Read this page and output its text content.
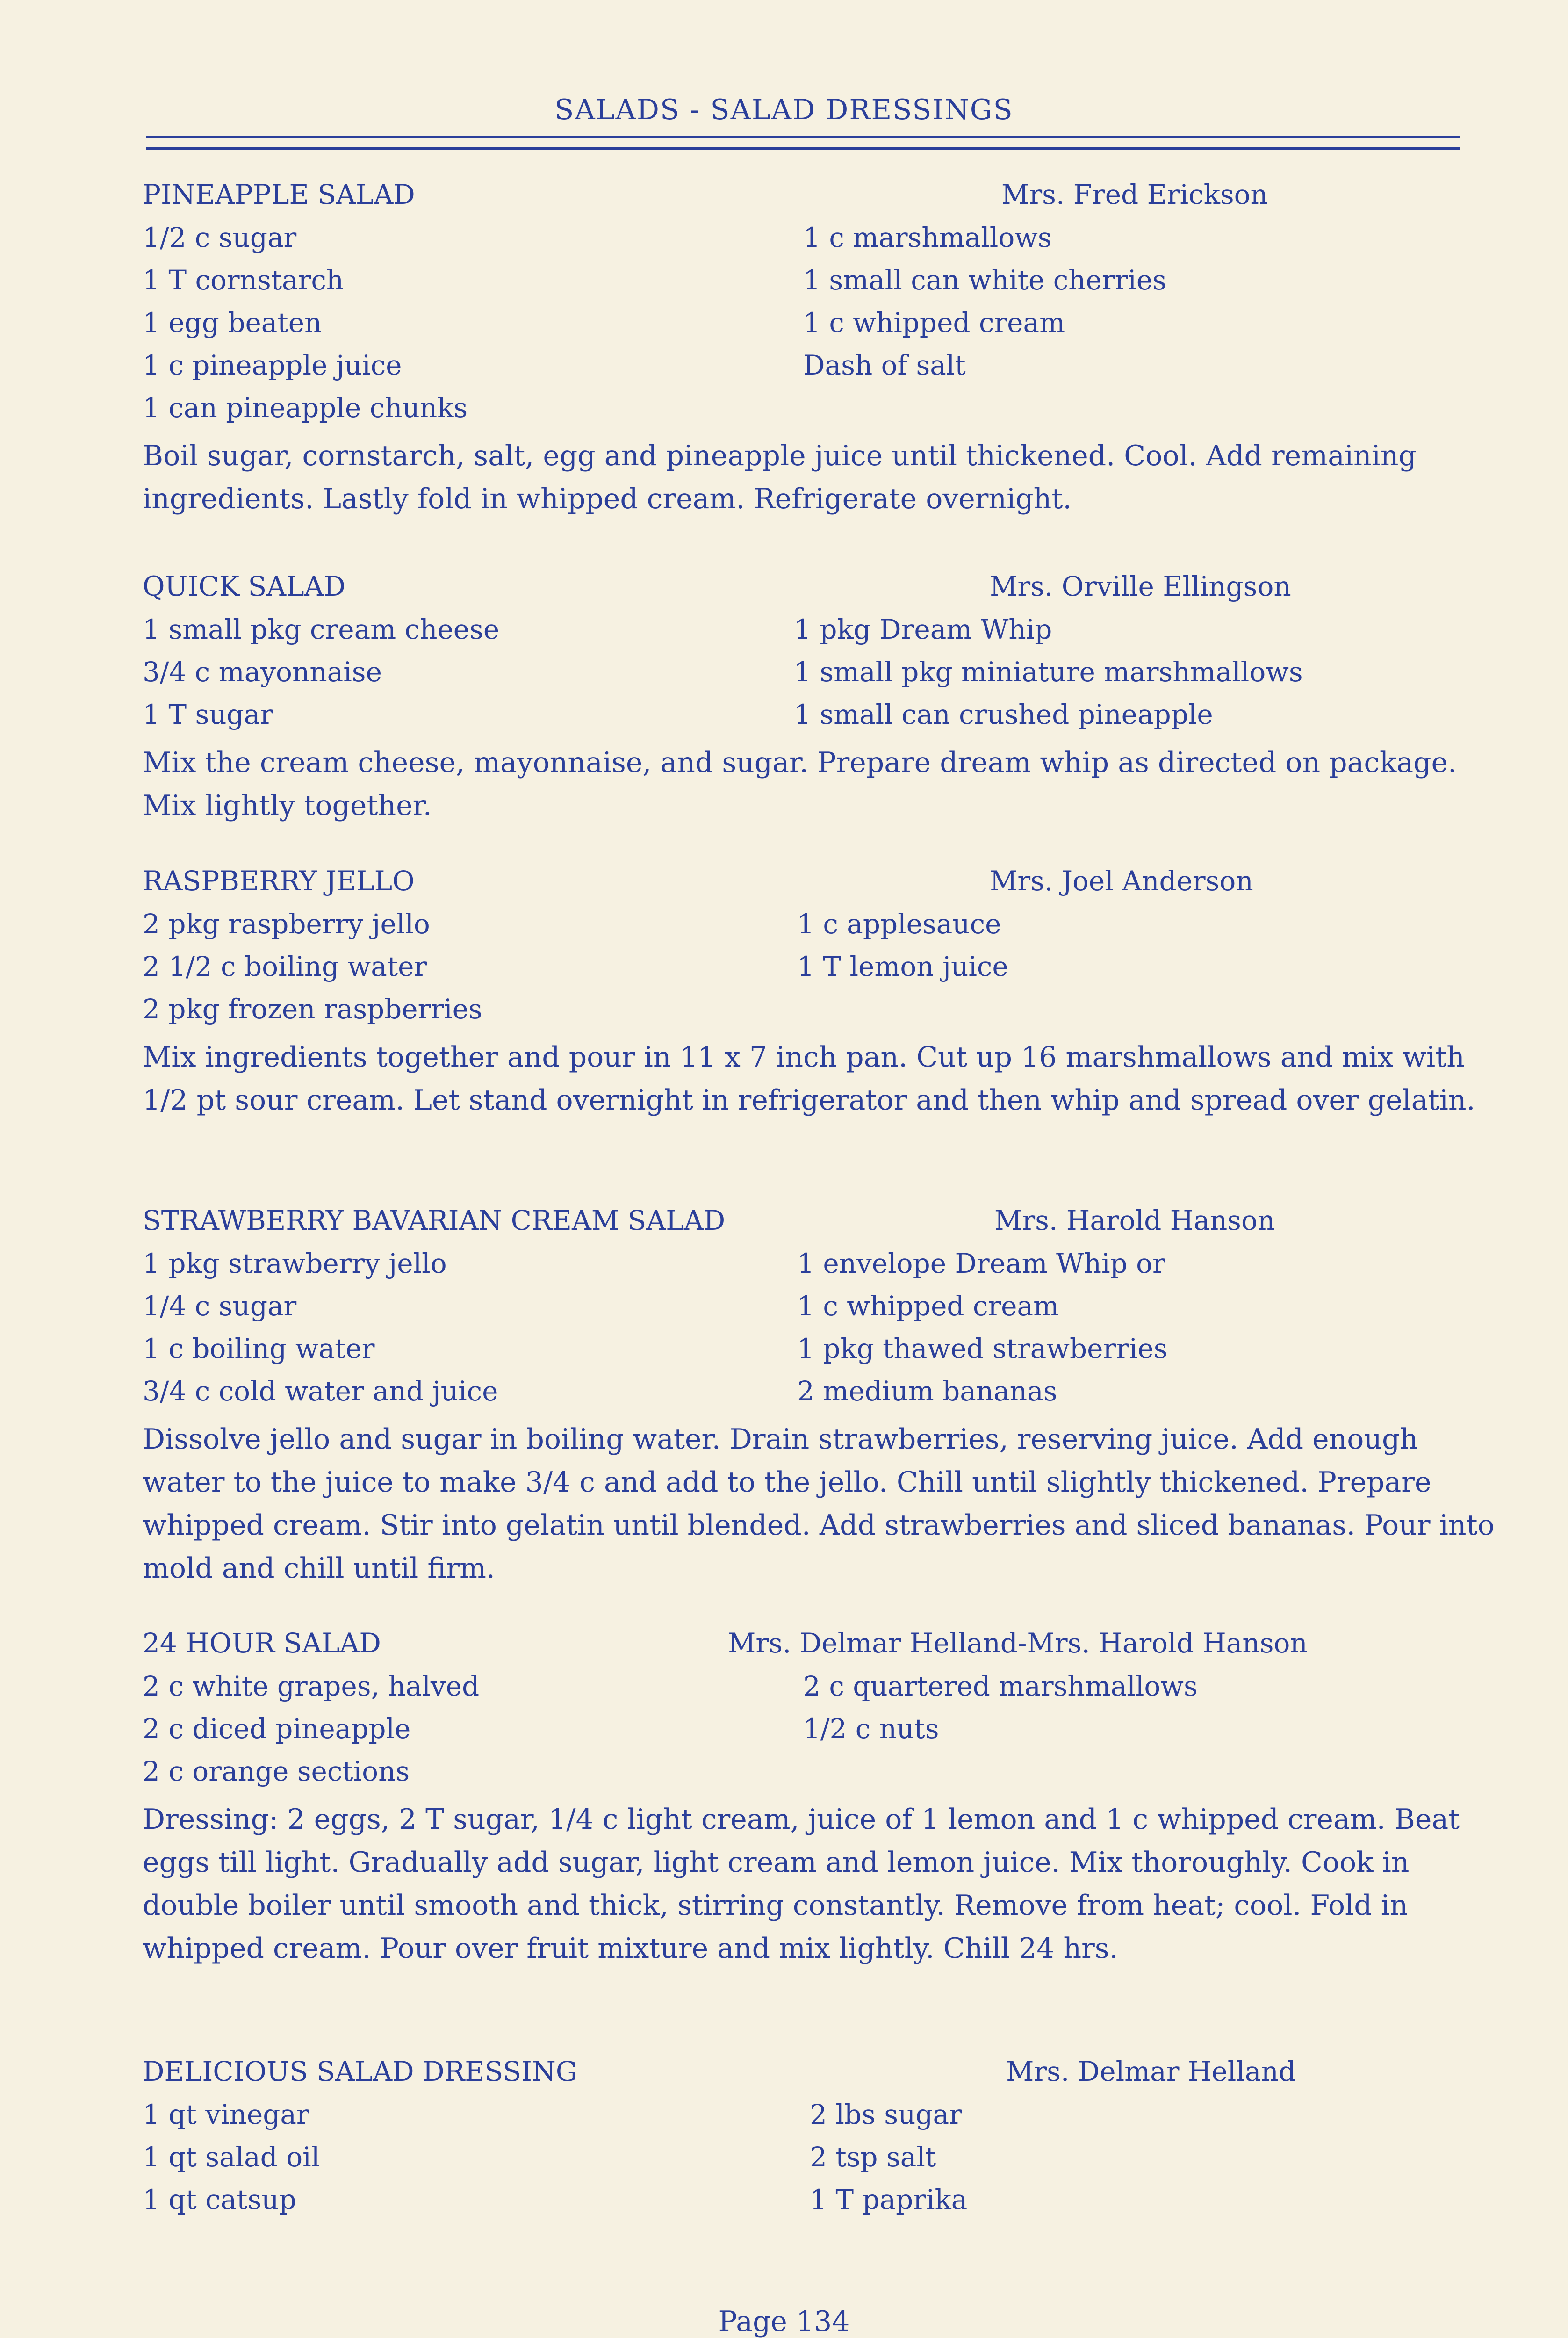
SALADS - SALAD DRESSINGS
PINEAPPLE SALAD	Mrs. Fred Erickson
1/2 c sugar	1 c marshmallows
1 T cornstarch	1 small can white cherries
1 egg beaten	1 c whipped cream
1 c pineapple juice	Dash of salt
1 can pineapple chunks
Boil sugar, cornstarch, salt, egg and pineapple juice until thickened. Cool. Add remaining ingredients. Lastly fold in whipped cream. Refrigerate overnight.
QUICK SALAD	Mrs. Orville Ellingson
1 small pkg cream cheese	1 pkg Dream Whip
3/4 c mayonnaise	1 small pkg miniature marshmallows
1 T sugar	1 small can crushed pineapple
Mix the cream cheese, mayonnaise, and sugar. Prepare dream whip as directed on package. Mix lightly together.
RASPBERRY JELLO	Mrs. Joel Anderson
2 pkg raspberry jello	1 c applesauce
2 1/2 c boiling water	1 T lemon juice
2 pkg frozen raspberries
Mix ingredients together and pour in 11 x 7 inch pan. Cut up 16 marshmallows and mix with 1/2 pt sour cream. Let stand overnight in refrigerator and then whip and spread over gelatin.
STRAWBERRY BAVARIAN CREAM SALAD	Mrs. Harold Hanson
1 pkg strawberry jello	1 envelope Dream Whip or
1/4 c sugar	1 c whipped cream
1 c boiling water	1 pkg thawed strawberries
3/4 c cold water and juice	2 medium bananas
Dissolve jello and sugar in boiling water. Drain strawberries, reserving juice. Add enough water to the juice to make 3/4 c and add to the jello. Chill until slightly thickened. Prepare whipped cream. Stir into gelatin until blended. Add strawberries and sliced bananas. Pour into mold and chill until firm.
24 HOUR SALAD	Mrs. Delmar Helland-Mrs. Harold Hanson
2 c white grapes, halved	2 c quartered marshmallows
2 c diced pineapple	1/2 c nuts
2 c orange sections
Dressing: 2 eggs, 2 T sugar, 1/4 c light cream, juice of 1 lemon and 1 c whipped cream. Beat eggs till light. Gradually add sugar, light cream and lemon juice. Mix thoroughly. Cook in double boiler until smooth and thick, stirring constantly. Remove from heat; cool. Fold in whipped cream. Pour over fruit mixture and mix lightly. Chill 24 hrs.
DELICIOUS SALAD DRESSING	Mrs. Delmar Helland
1 qt vinegar	2 lbs sugar
1 qt salad oil	2 tsp salt
1 qt catsup	1 T paprika
Page 134
